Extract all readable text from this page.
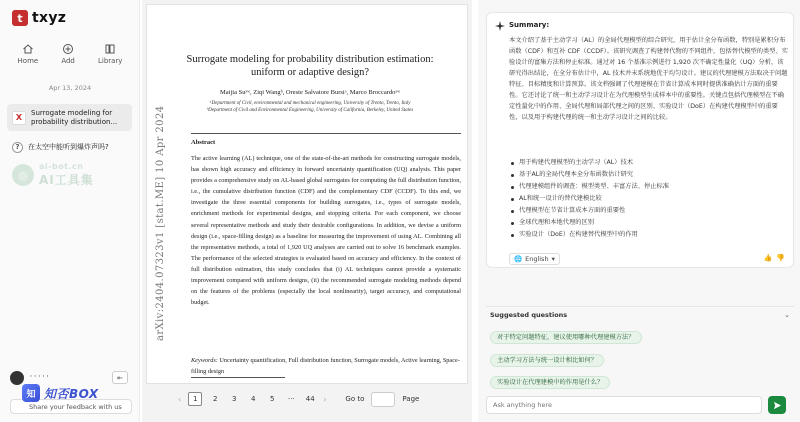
t txyz
Home	Add	Library
Apr 13, 2024
X
Surrogate modeling for probability distribution...
?	在太空中能听到爆炸声吗?
◎
ai-bot.cn
AI工具集
' ' ' ' '	⇤
Share your feedback with us
知 知否BOX
arXiv:2404.07323v1 [stat.ME] 10 Apr 2024
Surrogate modeling for probability distribution estimation:
uniform or adaptive design?
Maijia Suᵃʷ, Ziqi Wangᵇ, Oreste Salvatore Bursiᵃ, Marco Broccardoᵃʷ
ᵃDepartment of Civil, environmental and mechanical engineering, University of Trento, Trento, Italy
ᵇDepartment of Civil and Environmental Engineering, University of California, Berkeley, United States
Abstract
The active learning (AL) technique, one of the state-of-the-art methods for constructing surrogate models, has shown high accuracy and efficiency in forward uncertainty quantification (UQ) analysis. This paper provides a comprehensive study on AL-based global surrogates for computing the full distribution function, i.e., the cumulative distribution function (CDF) and the complementary CDF (CCDF). To this end, we investigate the three essential components for building surrogates, i.e., types of surrogate models, enrichment methods for experimental designs, and stopping criteria. For each component, we choose several representative methods and study their desirable configurations. In addition, we devise a uniform design (i.e., space-filling design) as a baseline for measuring the improvement of using AL. Combining all the representative methods, a total of 1,920 UQ analyses are carried out to solve 16 benchmark examples. The performance of the selected strategies is evaluated based on accuracy and efficiency. In the context of full distribution estimation, this study concludes that (i) AL techniques cannot provide a systematic improvement compared with uniform designs, (ii) the recommended surrogate modeling methods depend on the features of the problems (especially the local nonlinearity), target accuracy, and computational budget.
Keywords: Uncertainty quantification, Full distribution function, Surrogate models, Active learning, Space-filling design
‹	1	2	3	4	5	···	44 ›	Go to	Page
Summary:
本文介绍了基于主动学习（AL）的全局代理模型的综合研究，用于估计全分布函数，特别是累积分布函数（CDF）和互补 CDF（CCDF）。该研究调查了构建替代物的不同组件，包括替代模型的类型、实验设计的富集方法和停止标准。通过对 16 个基准示例进行 1,920 次不确定性量化（UQ）分析，该研究得出结论，在全分布估计中，AL 技术并未系统地优于均匀设计。建议的代理建模方法取决于问题特征、目标精度和计算预算。该文档强调了代理建模在节省计算成本同时提供准确估计方面的重要性。它还讨论了统一和主动学习设计在为代理模型生成样本中的重要性。关键点包括代理模型在不确定性量化中的作用、全局代理和局部代理之间的区别、实验设计（DoE）在构建代理模型中的重要性，以及用于构建代理的统一和主动学习设计之间的比较。
用于构建代理模型的主动学习（AL）技术
基于AL的全局代理本全分布函数估计研究
代理建模组件的调查：模型类型、丰富方法、停止标准
AL和统一设计的替代建模比较
代理模型在节省计算成本方面的重要性
全球代理和本地代理的区别
实验设计（DoE）在构建替代模型中的作用
🌐 English ▾	👍 👎
Suggested questions	⌄
对于特定问题特征，建议使用哪种代理建模方法？
主动学习方法与统一设计相比如何？
实验设计在代理建模中的作用是什么？
Ask anything here
